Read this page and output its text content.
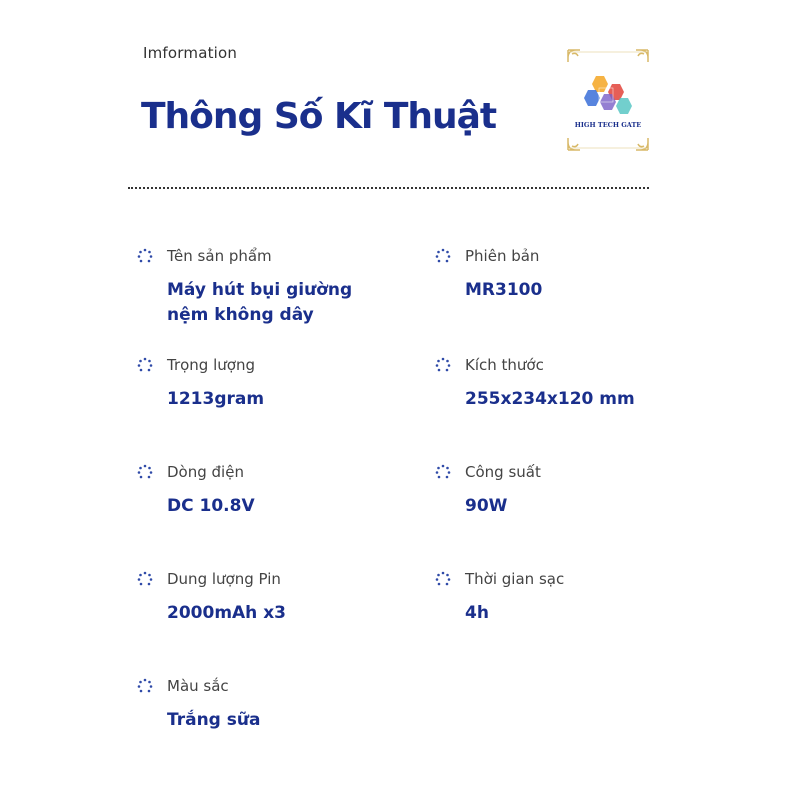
Imformation
Thông Số Kĩ Thuật	HIGH TECH GATE
Tên sản phẩm
Máy hút bụi giường nệm không dây
Phiên bản
MR3100
Trọng lượng
1213gram
Kích thước
255x234x120 mm
Dòng điện
DC 10.8V
Công suất
90W
Dung lượng Pin
2000mAh x3
Thời gian sạc
4h
Màu sắc
Trắng sữa
